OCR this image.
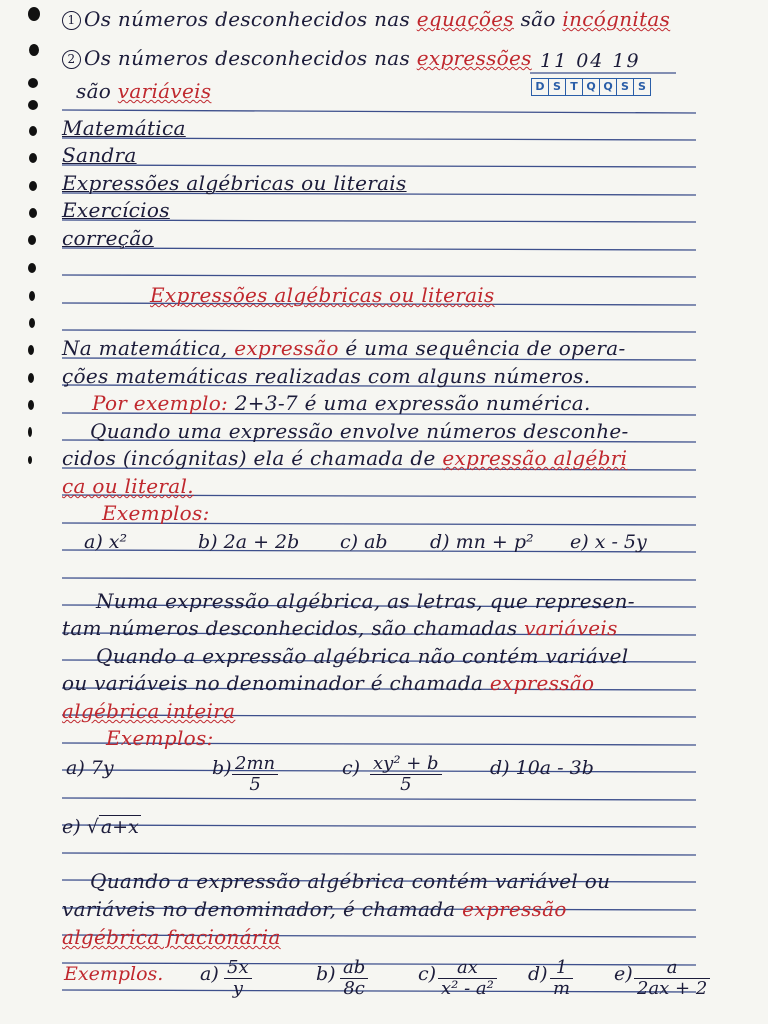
1 Os números desconhecidos nas equações são incógnitas
2 Os números desconhecidos nas expressões 11 04 19
D S T Q Q S S
são variáveis
Matemática
Sandra
Expressões algébricas ou literais
Exercícios
correção
Expressões algébricas ou literais
Na matemática, expressão é uma sequência de opera-
ções matemáticas realizadas com alguns números.
Por exemplo: 2+3-7 é uma expressão numérica.
Quando uma expressão envolve números desconhe-
cidos (incógnitas) ela é chamada de expressão algébri
ca ou literal.
Exemplos:
a) x²	b) 2a + 2b c) ab d) mn + p² e) x - 5y
Numa expressão algébrica, as letras, que represen-
tam números desconhecidos, são chamadas variáveis
Quando a expressão algébrica não contém variável
ou variáveis no denominador é chamada expressão
algébrica inteira
Exemplos:
a) 7y	$b) \frac{2mn}{5}$	$c) \frac{\text{xy² + b}}{5}$	d) 10a - 3b
e) √ a+x
Quando a expressão algébrica contém variável ou
variáveis no denominador, é chamada expressão
algébrica fracionária
Exemplos. $a) \frac{5x}{y}$	$b) \frac{ab}{8c}$	$c) \frac{ax}{\text{x² - a²}} d) \frac{1}{m} e) \frac{a}{2ax + 2}$
